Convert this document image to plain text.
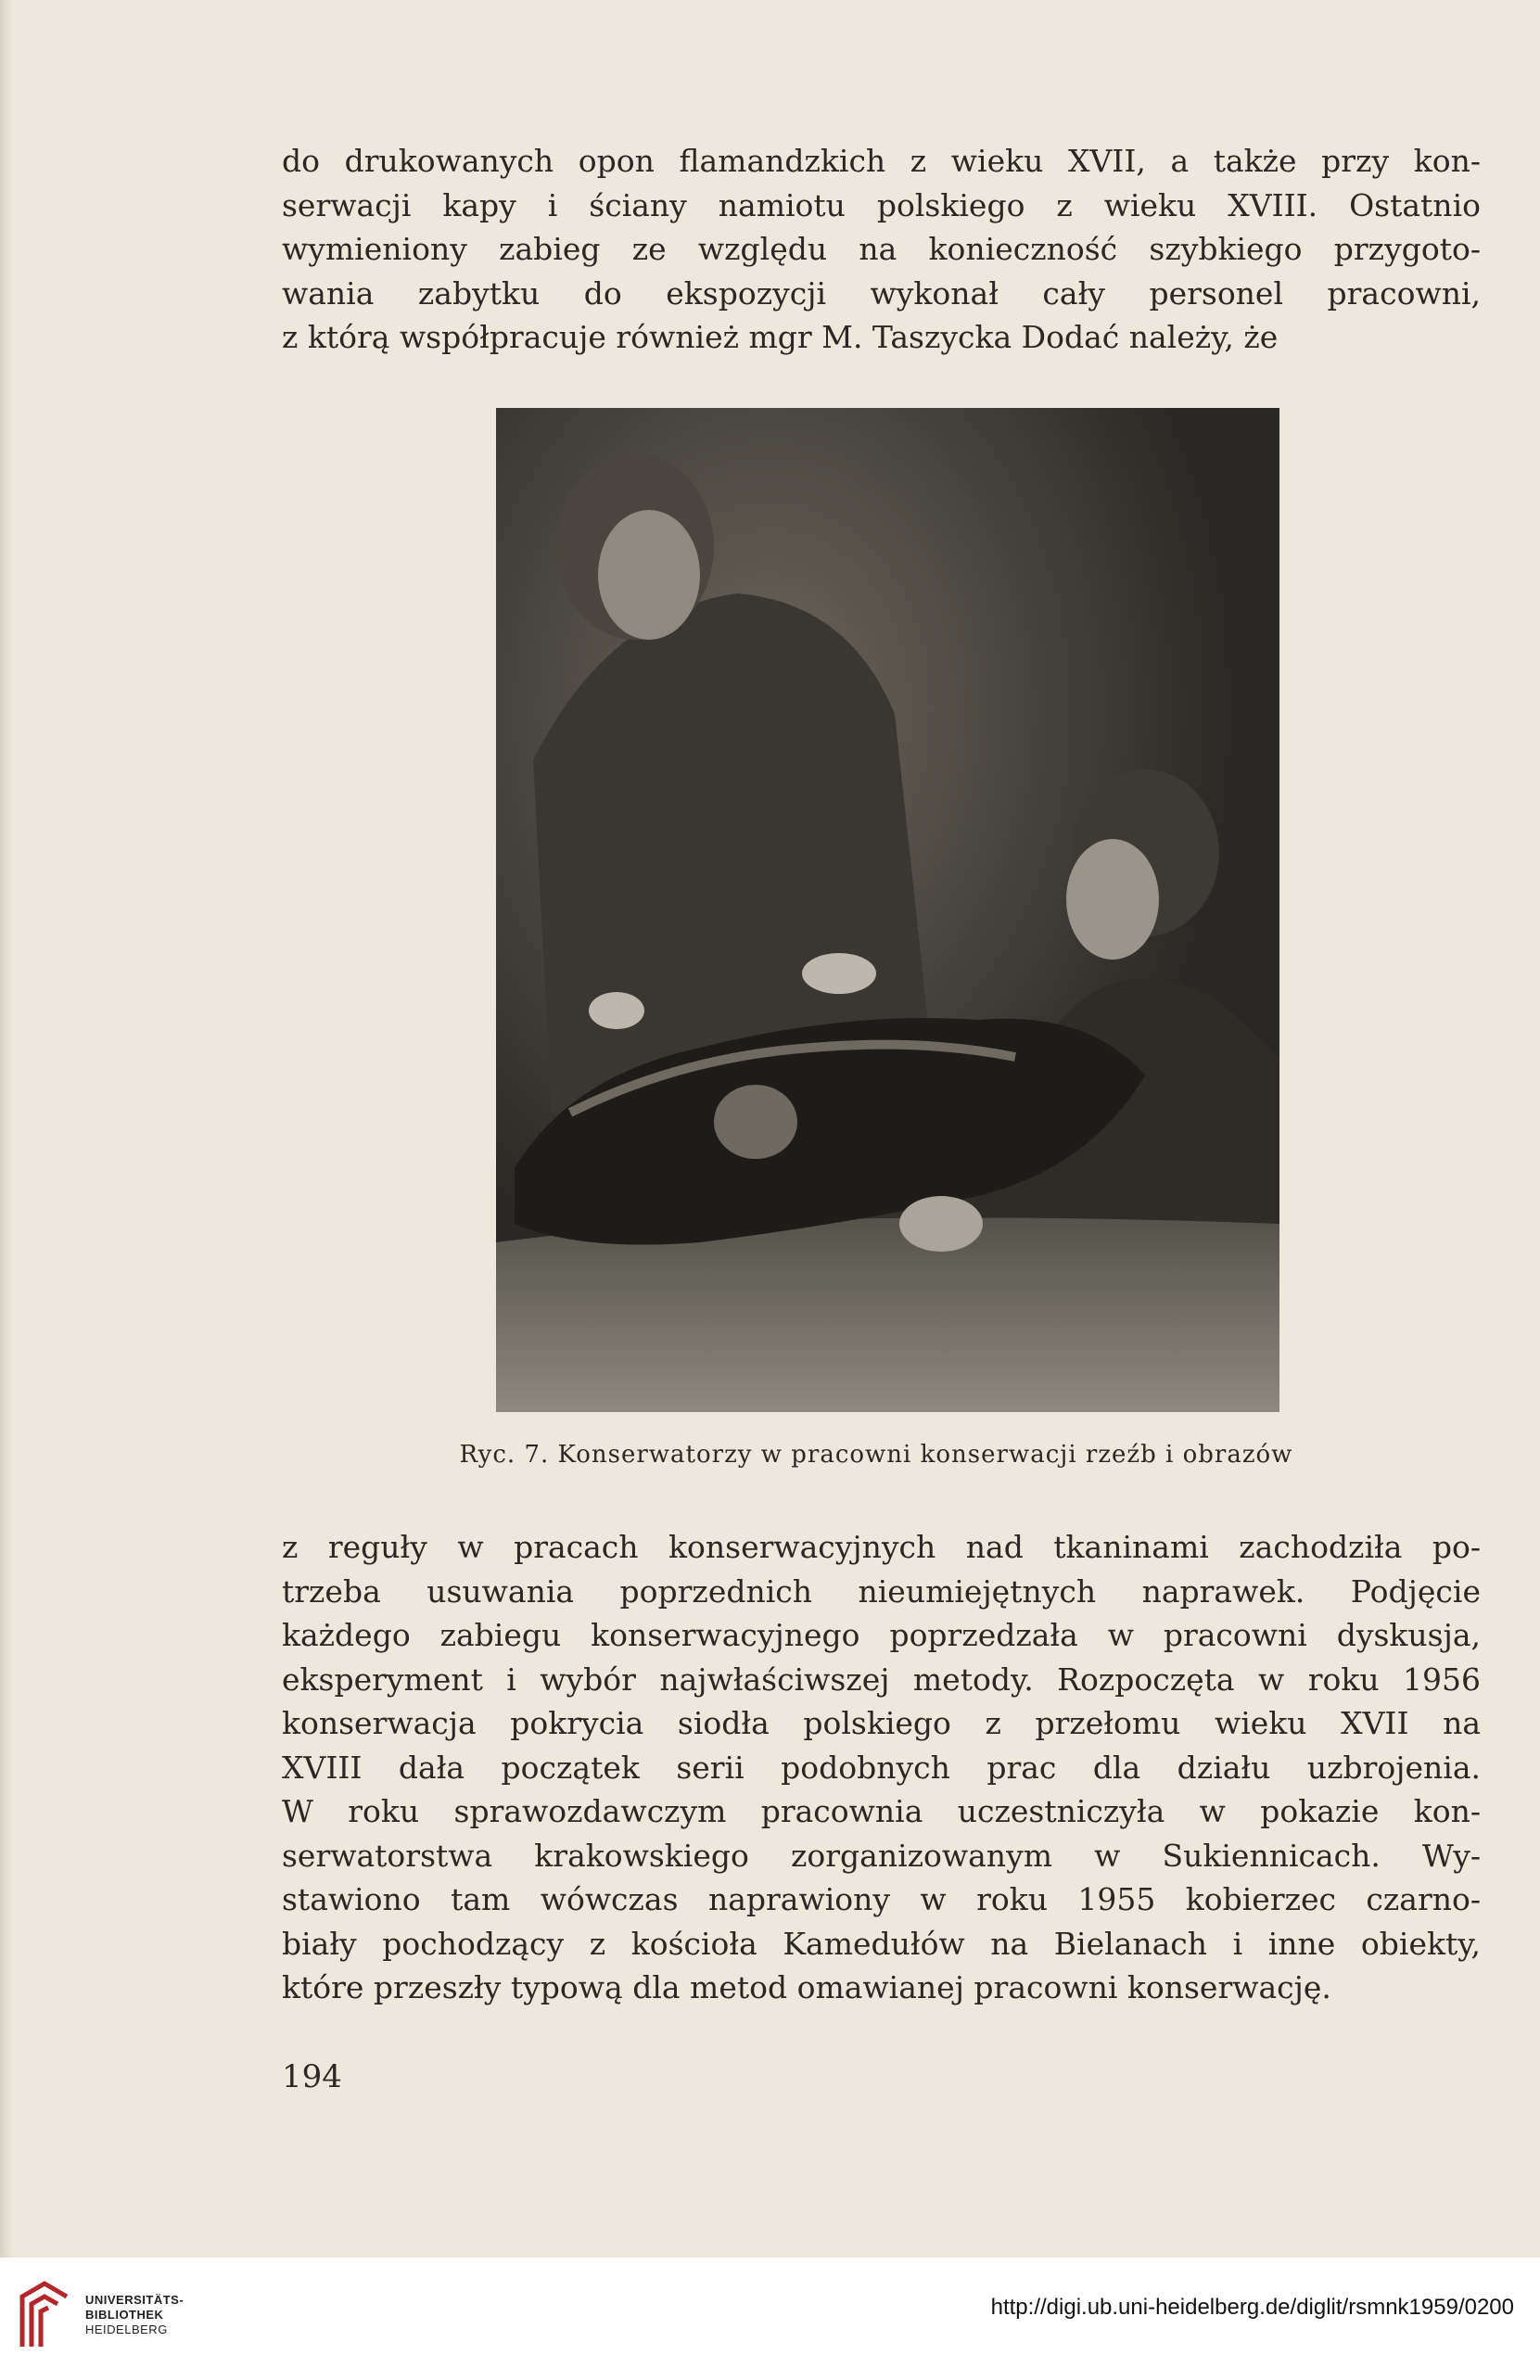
do drukowanych opon flamandzkich z wieku XVII, a także przy kon-
serwacji kapy i ściany namiotu polskiego z wieku XVIII. Ostatnio
wymieniony zabieg ze względu na konieczność szybkiego przygoto-
wania zabytku do ekspozycji wykonał cały personel pracowni,
z którą współpracuje również mgr M. Taszycka Dodać należy, że
Ryc. 7. Konserwatorzy w pracowni konserwacji rzeźb i obrazów
z reguły w pracach konserwacyjnych nad tkaninami zachodziła po-
trzeba usuwania poprzednich nieumiejętnych naprawek. Podjęcie
każdego zabiegu konserwacyjnego poprzedzała w pracowni dyskusja,
eksperyment i wybór najwłaściwszej metody. Rozpoczęta w roku 1956
konserwacja pokrycia siodła polskiego z przełomu wieku XVII na
XVIII dała początek serii podobnych prac dla działu uzbrojenia.
W roku sprawozdawczym pracownia uczestniczyła w pokazie kon-
serwatorstwa krakowskiego zorganizowanym w Sukiennicach. Wy-
stawiono tam wówczas naprawiony w roku 1955 kobierzec czarno-
biały pochodzący z kościoła Kamedułów na Bielanach i inne obiekty,
które przeszły typową dla metod omawianej pracowni konserwację.
194
UNIVERSITÄTS-
BIBLIOTHEK
HEIDELBERG
http://digi.ub.uni-heidelberg.de/diglit/rsmnk1959/0200
